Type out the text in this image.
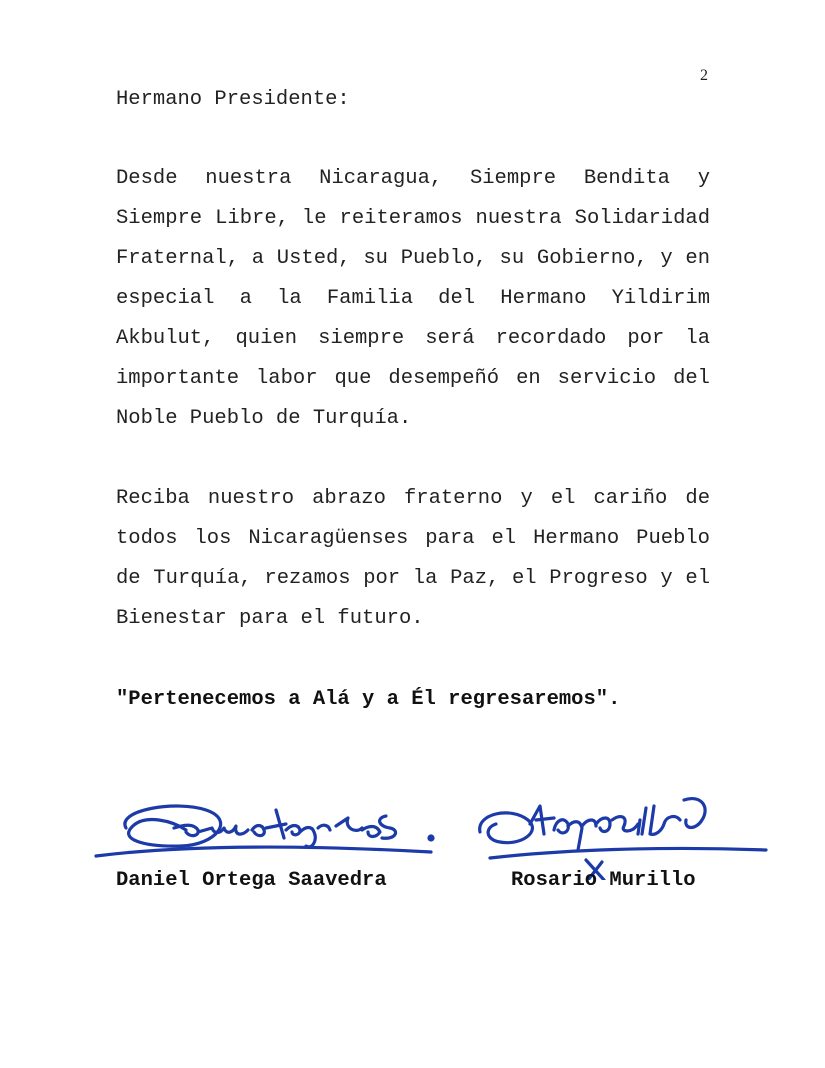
2
Hermano Presidente:
Desde nuestra Nicaragua, Siempre Bendita y Siempre Libre, le reiteramos nuestra Solidaridad Fraternal, a Usted, su Pueblo, su Gobierno, y en especial a la Familia del Hermano Yildirim Akbulut, quien siempre será recordado por la importante labor que desempeñó en servicio del Noble Pueblo de Turquía.
Reciba nuestro abrazo fraterno y el cariño de todos los Nicaragüenses para el Hermano Pueblo de Turquía, rezamos por la Paz, el Progreso y el Bienestar para el futuro.
"Pertenecemos a Alá y a Él regresaremos".
Daniel Ortega Saavedra	Rosario Murillo
